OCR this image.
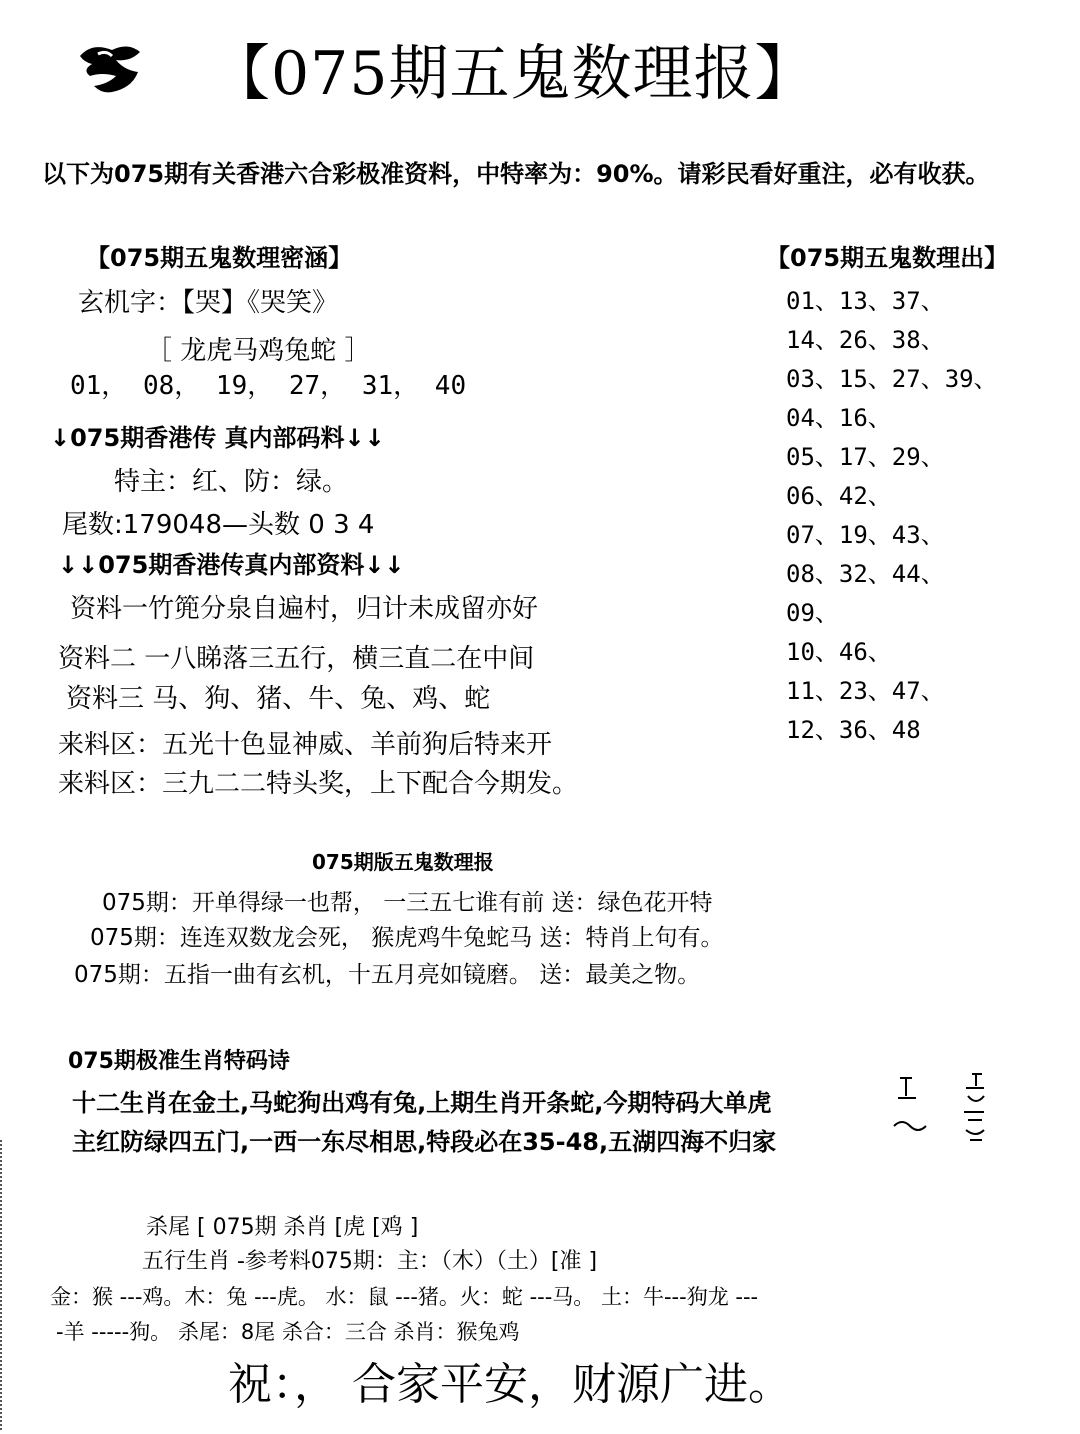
【075期五鬼数理报】
以下为075期有关香港六合彩极准资料，中特率为：90%。请彩民看好重注，必有收获。
【075期五鬼数理密涵】
玄机字：【哭】《哭笑》
［ 龙虎马鸡兔蛇 ］
01， 08， 19， 27， 31， 40
↓075期香港传 真内部码料↓↓
特主：红、防：绿。
尾数:179048—头数 0 3 4
↓↓075期香港传真内部资料↓↓
资料一竹篼分泉自遍村，归计未成留亦好
资料二 一八睇落三五行，横三直二在中间
资料三 马、狗、猪、牛、兔、鸡、蛇
来料区：五光十色显神威、羊前狗后特来开
来料区：三九二二特头奖，上下配合今期发。
【075期五鬼数理出】
01、13、37、
14、26、38、
03、15、27、39、
04、16、
05、17、29、
06、42、
07、19、43、
08、32、44、
09、
10、46、
11、23、47、
12、36、48
075期版五鬼数理报
075期：开单得绿一也帮， 一三五七谁有前 送：绿色花开特
075期：连连双数龙会死， 猴虎鸡牛兔蛇马 送：特肖上句有。
075期：五指一曲有玄机，十五月亮如镜磨。 送：最美之物。
075期极准生肖特码诗
十二生肖在金土,马蛇狗出鸡有兔,上期生肖开条蛇,今期特码大单虎
主红防绿四五门,一西一东尽相思,特段必在35-48,五湖四海不归家
杀尾 [ 075期 杀肖 [虎 [鸡 ]
五行生肖 -参考料075期：主：（木）（土）[准 ]
金：猴 ---鸡。木：兔 ---虎。 水：鼠 ---猪。火：蛇 ---马。 土：牛---狗龙 ---
-羊 -----狗。 杀尾：8尾 杀合：三合 杀肖：猴兔鸡
祝：， 合家平安，财源广进。
